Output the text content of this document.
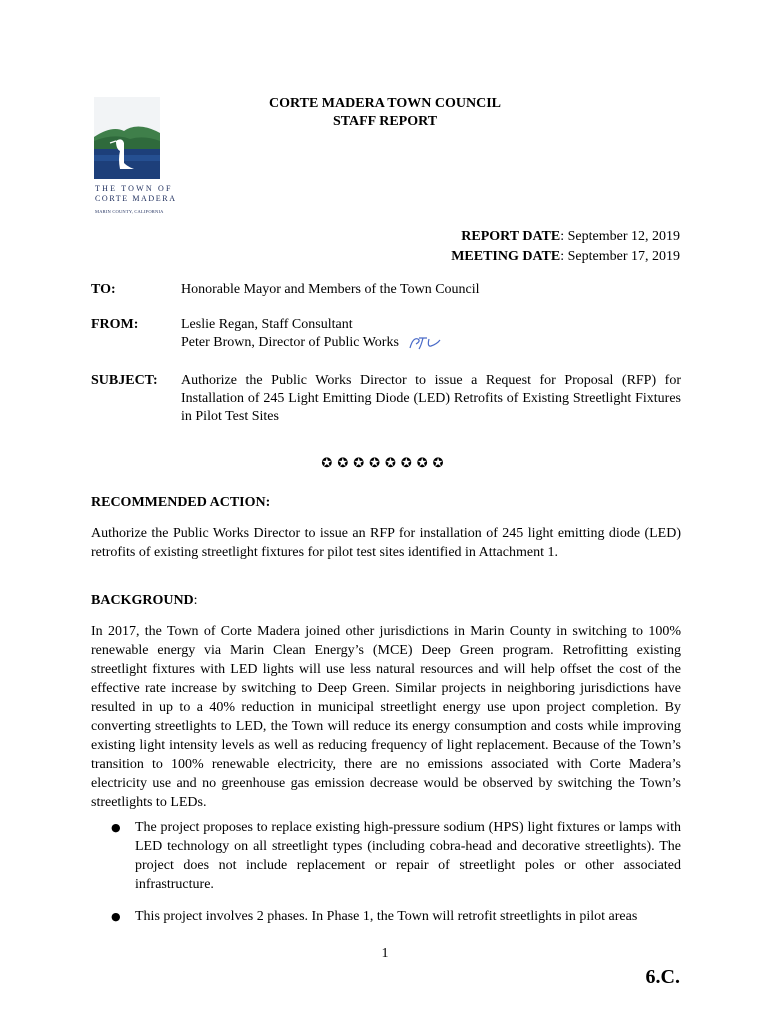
THE TOWN OF
CORTE MADERA
MARIN COUNTY, CALIFORNIA
CORTE MADERA TOWN COUNCIL
STAFF REPORT
REPORT DATE: September 12, 2019
MEETING DATE: September 17, 2019
TO:	Honorable Mayor and Members of the Town Council
FROM:	Leslie Regan, Staff Consultant
Peter Brown, Director of Public Works
SUBJECT: Authorize the Public Works Director to issue a Request for Proposal (RFP) for Installation of 245 Light Emitting Diode (LED) Retrofits of Existing Streetlight Fixtures in Pilot Test Sites
✪✪✪✪✪✪✪✪
RECOMMENDED ACTION:
Authorize the Public Works Director to issue an RFP for installation of 245 light emitting diode (LED) retrofits of existing streetlight fixtures for pilot test sites identified in Attachment 1.
BACKGROUND:
In 2017, the Town of Corte Madera joined other jurisdictions in Marin County in switching to 100% renewable energy via Marin Clean Energy’s (MCE) Deep Green program. Retrofitting existing streetlight fixtures with LED lights will use less natural resources and will help offset the cost of the effective rate increase by switching to Deep Green. Similar projects in neighboring jurisdictions have resulted in up to a 40% reduction in municipal streetlight energy use upon project completion. By converting streetlights to LED, the Town will reduce its energy consumption and costs while improving existing light intensity levels as well as reducing frequency of light replacement. Because of the Town’s transition to 100% renewable electricity, there are no emissions associated with Corte Madera’s electricity use and no greenhouse gas emission decrease would be observed by switching the Town’s streetlights to LEDs.
● The project proposes to replace existing high-pressure sodium (HPS) light fixtures or lamps with LED technology on all streetlight types (including cobra-head and decorative streetlights). The project does not include replacement or repair of streetlight poles or other associated infrastructure.
● This project involves 2 phases. In Phase 1, the Town will retrofit streetlights in pilot areas
1
6.C.
